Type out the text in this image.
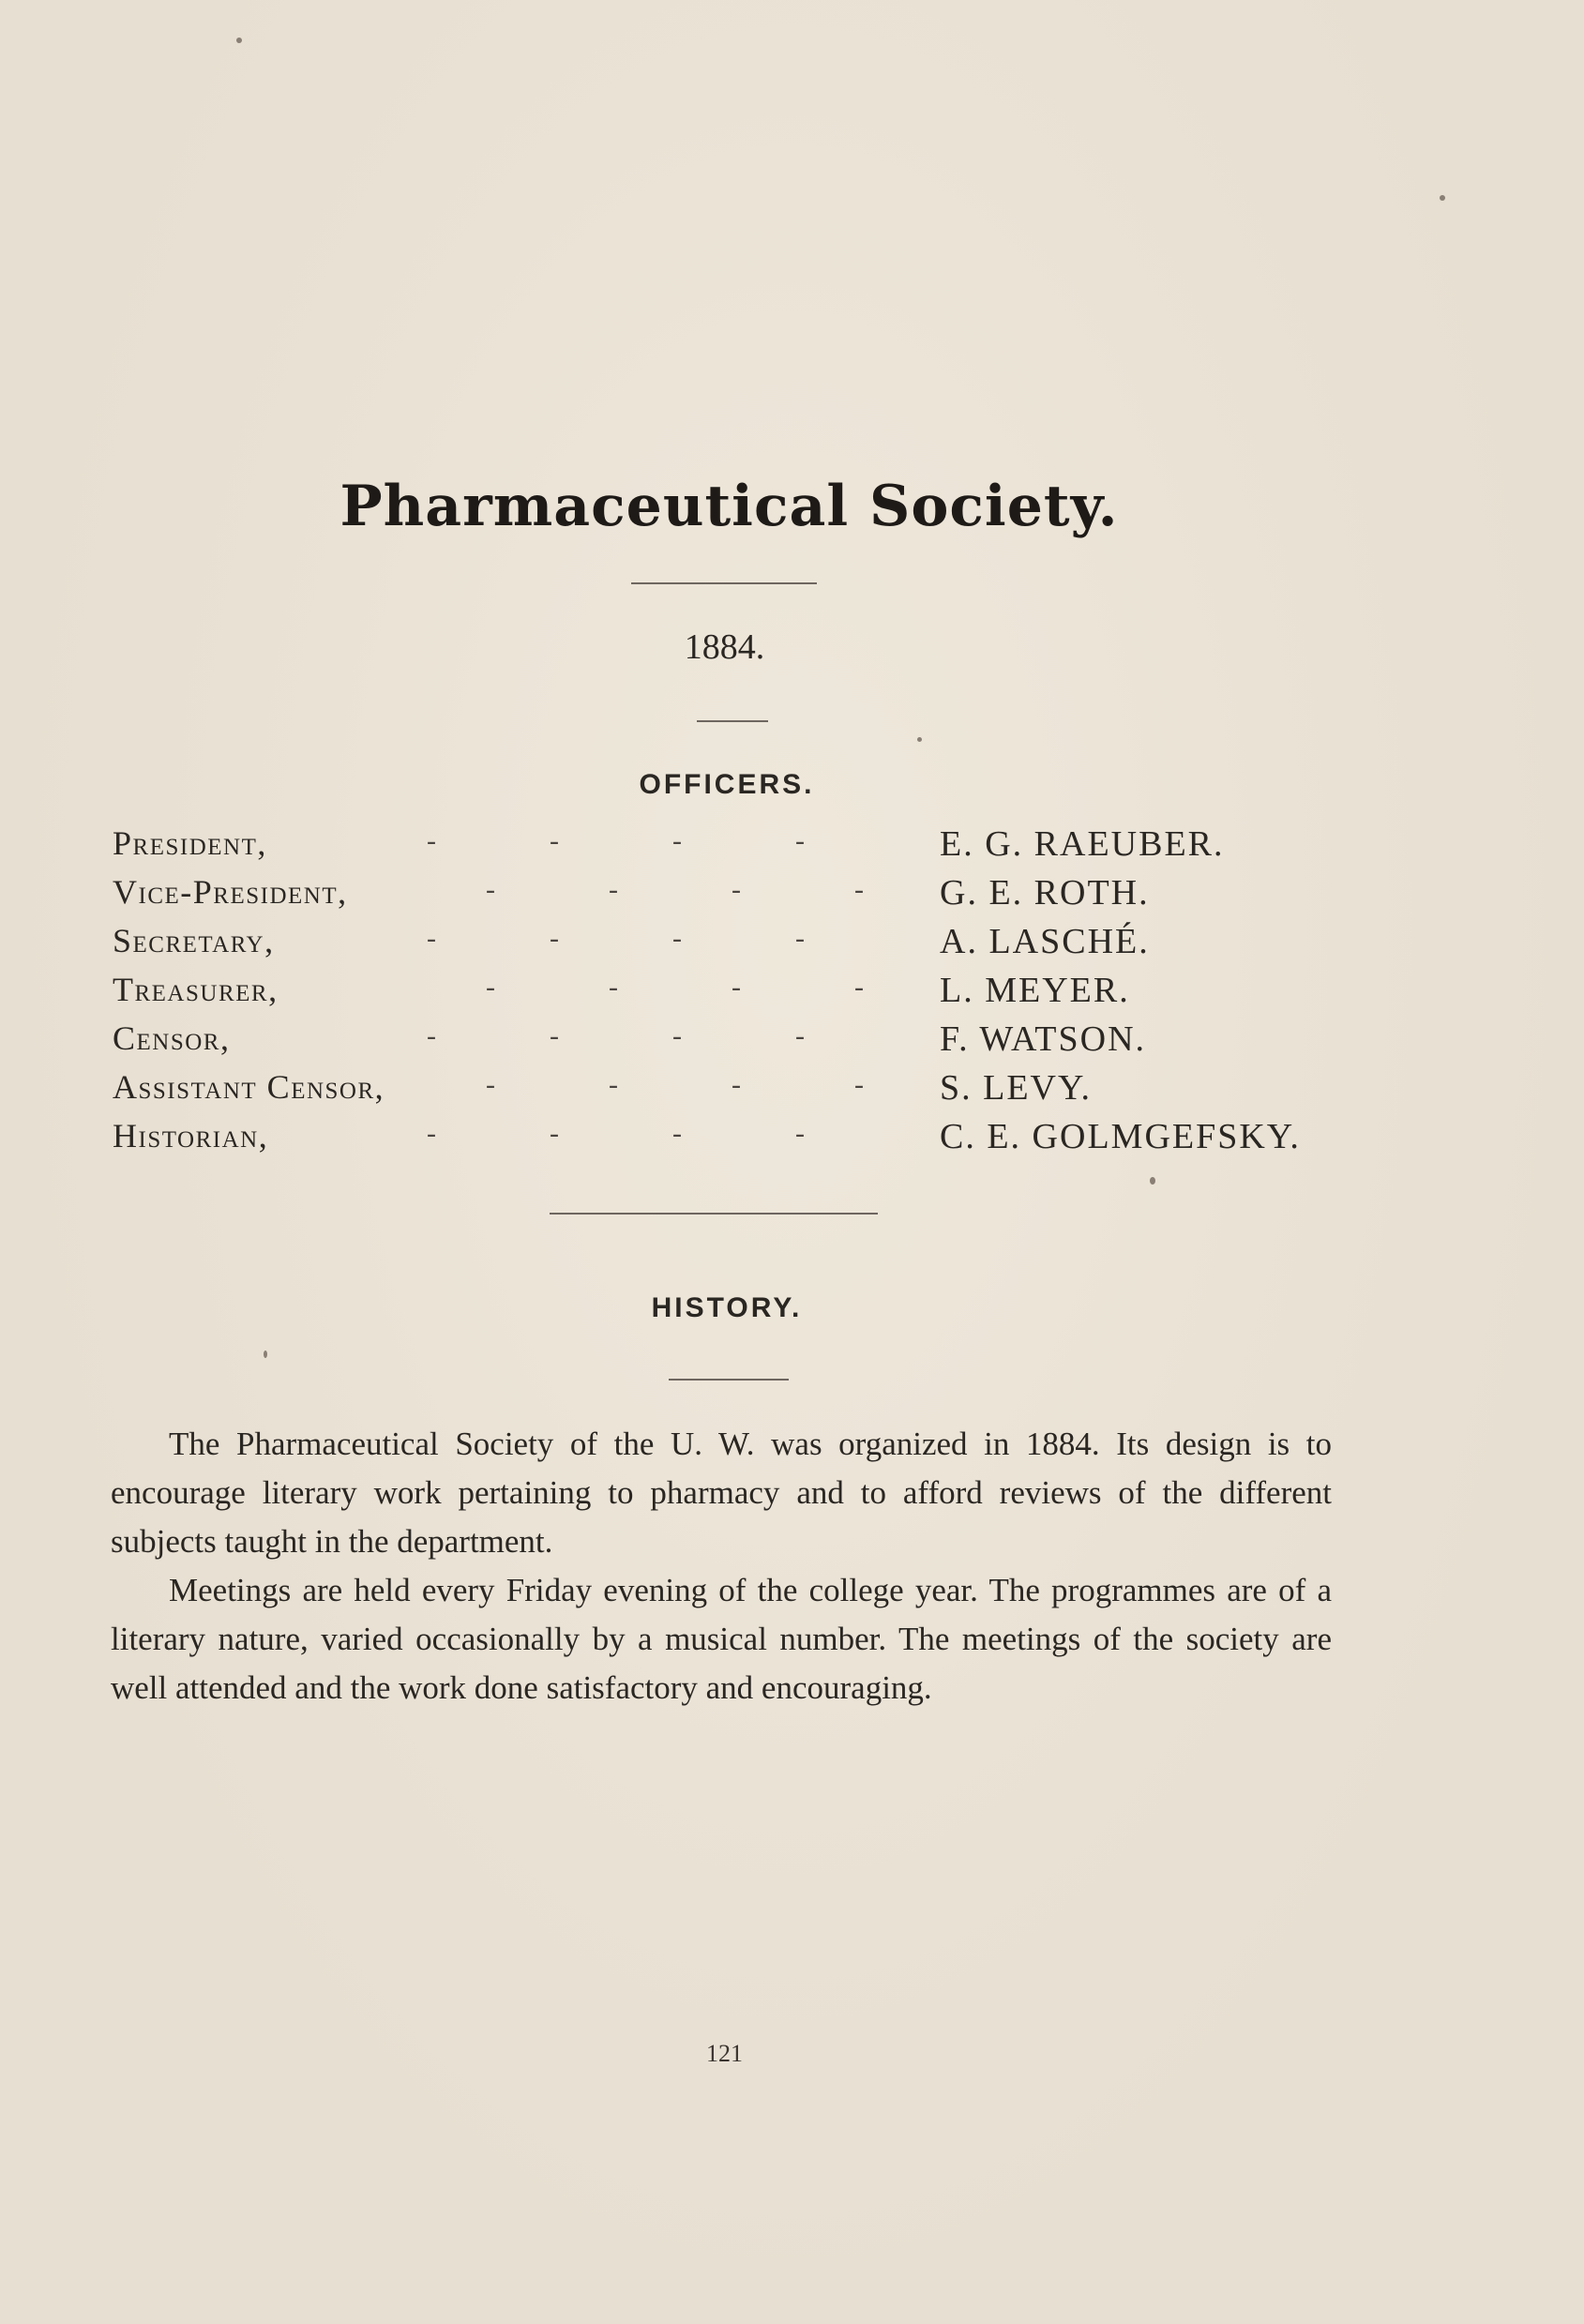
Pharmaceutical Society.
1884.
OFFICERS.
President,	-	-	-	-	E. G. RAEUBER.
Vice-President,	-	-	-	-	G. E. ROTH.
Secretary,	-	-	-	-	A. LASCHÉ.
Treasurer,	-	-	-	-	L. MEYER.
Censor,	-	-	-	-	F. WATSON.
Assistant Censor,	-	-	-	-	S. LEVY.
Historian,	-	-	-	-	C. E. GOLMGEFSKY.
HISTORY.
The Pharmaceutical Society of the U. W. was organized in 1884. Its design is to encourage literary work pertaining to pharmacy and to afford reviews of the different subjects taught in the department.
Meetings are held every Friday evening of the college year. The programmes are of a literary nature, varied occasionally by a musical number. The meetings of the society are well attended and the work done satisfactory and encouraging.
121
